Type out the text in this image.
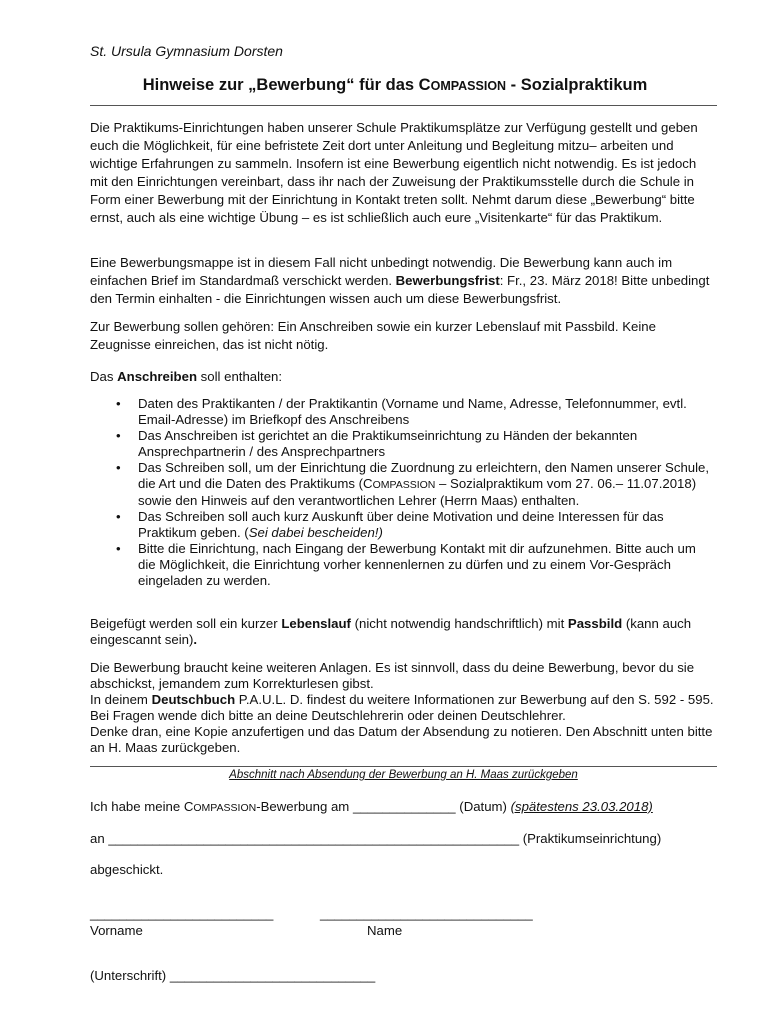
St. Ursula Gymnasium Dorsten
Hinweise zur „Bewerbung“ für das COMPASSION - Sozialpraktikum
Die Praktikums-Einrichtungen haben unserer Schule Praktikumsplätze zur Verfügung gestellt und geben euch die Möglichkeit, für eine befristete Zeit dort unter Anleitung und Begleitung mitzu– arbeiten und wichtige Erfahrungen zu sammeln. Insofern ist eine Bewerbung eigentlich nicht notwendig. Es ist jedoch mit den Einrichtungen vereinbart, dass ihr nach der Zuweisung der Praktikumsstelle durch die Schule in Form einer Bewerbung mit der Einrichtung in Kontakt treten sollt. Nehmt darum diese „Bewerbung“ bitte ernst, auch als eine wichtige Übung – es ist schließlich auch eure „Visitenkarte“ für das Praktikum.
Eine Bewerbungsmappe ist in diesem Fall nicht unbedingt notwendig. Die Bewerbung kann auch im einfachen Brief im Standardmaß verschickt werden. Bewerbungsfrist: Fr., 23. März 2018! Bitte unbedingt den Termin einhalten - die Einrichtungen wissen auch um diese Bewerbungsfrist.
Zur Bewerbung sollen gehören: Ein Anschreiben sowie ein kurzer Lebenslauf mit Passbild. Keine Zeugnisse einreichen, das ist nicht nötig.
Das Anschreiben soll enthalten:
• Daten des Praktikanten / der Praktikantin (Vorname und Name, Adresse, Telefonnummer, evtl. Email-Adresse) im Briefkopf des Anschreibens
• Das Anschreiben ist gerichtet an die Praktikumseinrichtung zu Händen der bekannten Ansprechpartnerin / des Ansprechpartners
• Das Schreiben soll, um der Einrichtung die Zuordnung zu erleichtern, den Namen unserer Schule, die Art und die Daten des Praktikums (COMPASSION – Sozialpraktikum vom 27. 06.– 11.07.2018) sowie den Hinweis auf den verantwortlichen Lehrer (Herrn Maas) enthalten.
• Das Schreiben soll auch kurz Auskunft über deine Motivation und deine Interessen für das Praktikum geben. (Sei dabei bescheiden!)
• Bitte die Einrichtung, nach Eingang der Bewerbung Kontakt mit dir aufzunehmen. Bitte auch um die Möglichkeit, die Einrichtung vorher kennenlernen zu dürfen und zu einem Vor-Gespräch eingeladen zu werden.
Beigefügt werden soll ein kurzer Lebenslauf (nicht notwendig handschriftlich) mit Passbild (kann auch eingescannt sein).
Die Bewerbung braucht keine weiteren Anlagen. Es ist sinnvoll, dass du deine Bewerbung, bevor du sie abschickst, jemandem zum Korrekturlesen gibst.
In deinem Deutschbuch P.A.U.L. D. findest du weitere Informationen zur Bewerbung auf den S. 592 - 595. Bei Fragen wende dich bitte an deine Deutschlehrerin oder deinen Deutschlehrer.
Denke dran, eine Kopie anzufertigen und das Datum der Absendung zu notieren. Den Abschnitt unten bitte an H. Maas zurückgeben.
Abschnitt nach Absendung der Bewerbung an H. Maas zurückgeben
Ich habe meine COMPASSION-Bewerbung am ______________ (Datum) (spätestens 23.03.2018)
an ________________________________________________________ (Praktikumseinrichtung)
abgeschickt.
_________________________	_____________________________
Vorname	Name
(Unterschrift) ____________________________
